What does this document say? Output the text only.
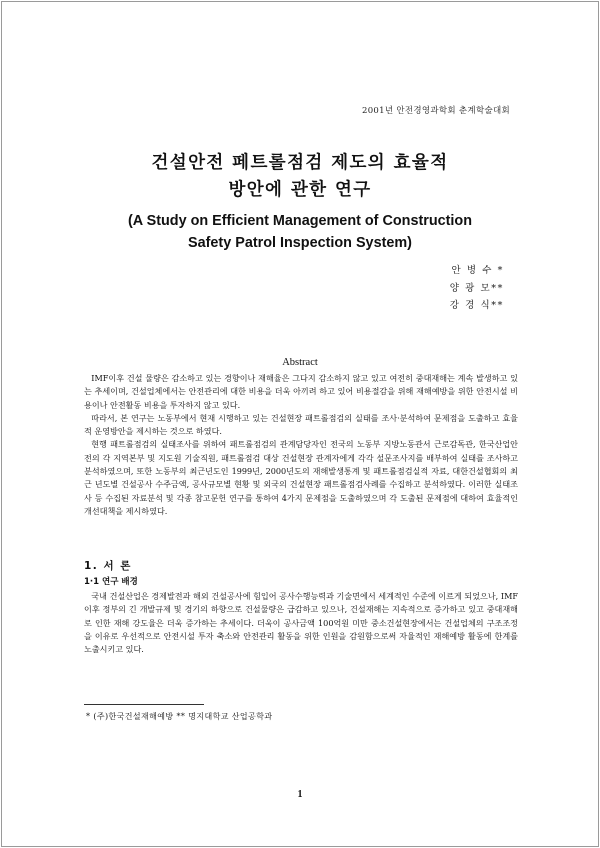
2001년 안전경영과학회 춘계학술대회
건설안전 페트롤점검 제도의 효율적
방안에 관한 연구
(A Study on Efficient Management of Construction
Safety Patrol Inspection System)
안 병 수 *
양 광 모**
강 경 식**
Abstract

IMF이후 건설 물량은 감소하고 있는 경향이나 재해율은 그다지 감소하지 않고 있고 여전히 중대재해는 계속 발생하고 있는 추세이며, 건설업체에서는 안전관리에 대한 비용을 더욱 아끼려 하고 있어 비용절감을 위해 재해예방을 위한 안전시설 비용이나 안전활동 비용을 투자하지 않고 있다.

따라서, 본 연구는 노동부에서 현재 시행하고 있는 건설현장 패트롤점검의 실태를 조사·분석하여 문제점을 도출하고 효율적 운영방안을 제시하는 것으로 하였다.

현행 패트롤점검의 실태조사를 위하여 패트롤점검의 관계담당자인 전국의 노동부 지방노동관서 근로감독관, 한국산업안전의 각 지역본부 및 지도원 기술직원, 패트롤점검 대상 건설현장 관계자에게 각각 설문조사지를 배부하여 실태를 조사하고 분석하였으며, 또한 노동부의 최근년도인 1999년, 2000년도의 재해발생통계 및 패트롤점검실적 자료, 대한건설협회의 최근 년도별 건설공사 수주금액, 공사규모별 현황 및 외국의 건설현장 패트롤점검사례를 수집하고 분석하였다. 이러한 실태조사 등 수집된 자료분석 및 각종 참고문헌 연구를 통하여 4가지 문제점을 도출하였으며 각 도출된 문제점에 대하여 효율적인 개선대책을 제시하였다.

1. 서 론
1·1 연구 배경

국내 건설산업은 경제발전과 해외 건설공사에 힘입어 공사수행능력과 기술면에서 세계적인 수준에 이르게 되었으나, IMF이후 정부의 긴 개발규제 및 경기의 하향으로 건설물량은 급감하고 있으나, 건설재해는 지속적으로 증가하고 있고 중대재해로 인한 재해 강도율은 더욱 증가하는 추세이다. 더욱이 공사금액 100억원 미만 중소건설현장에서는 건설업체의 구조조정을 이유로 우선적으로 안전시설 투자 축소와 안전관리 활동을 위한 인원을 감원함으로써 자율적인 재해예방 활동에 한계를 노출시키고 있다.

* (주)한국건설재해예방 ** 명지대학교 산업공학과
1
